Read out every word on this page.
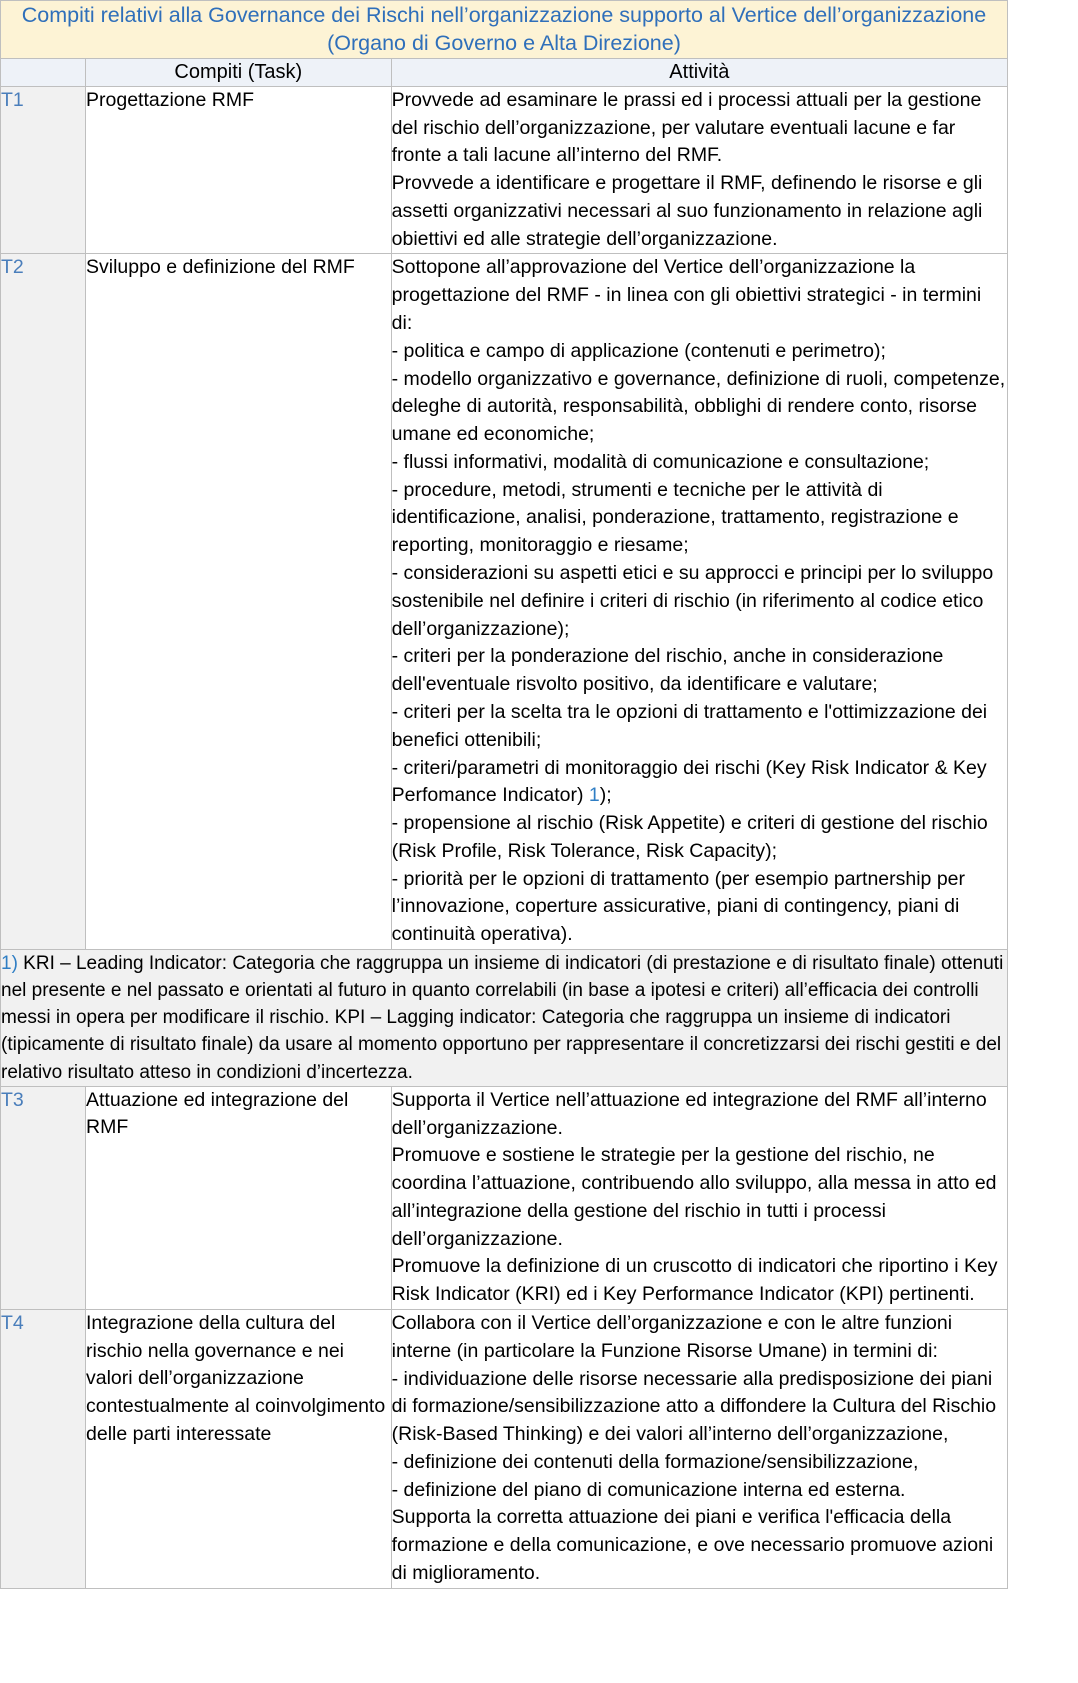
Compiti relativi alla Governance dei Rischi nell’organizzazione supporto al Vertice dell’organizzazione
(Organo di Governo e Alta Direzione)		

	Compiti (Task)	Attività
T1	Progettazione RMF	Provvede ad esaminare le prassi ed i processi attuali per la gestione del rischio dell’organizzazione, per valutare eventuali lacune e far fronte a tali lacune all’interno del RMF.

Provvede a identificare e progettare il RMF, definendo le risorse e gli assetti organizzativi necessari al suo funzionamento in relazione agli obiettivi ed alle strategie dell’organizzazione.

T2	Sviluppo e definizione del RMF	Sottopone all’approvazione del Vertice dell’organizzazione la progettazione del RMF - in linea con gli obiettivi strategici - in termini di:

- politica e campo di applicazione (contenuti e perimetro);

- modello organizzativo e governance, definizione di ruoli, competenze, deleghe di autorità, responsabilità, obblighi di rendere conto, risorse umane ed economiche;

- flussi informativi, modalità di comunicazione e consultazione;

- procedure, metodi, strumenti e tecniche per le attività di identificazione, analisi, ponderazione, trattamento, registrazione e reporting, monitoraggio e riesame;

- considerazioni su aspetti etici e su approcci e principi per lo sviluppo sostenibile nel definire i criteri di rischio (in riferimento al codice etico dell’organizzazione);

- criteri per la ponderazione del rischio, anche in considerazione dell'eventuale risvolto positivo, da identificare e valutare;

- criteri per la scelta tra le opzioni di trattamento e l'ottimizzazione dei benefici ottenibili;

- criteri/parametri di monitoraggio dei rischi (Key Risk Indicator & Key Perfomance Indicator) 1);

- propensione al rischio (Risk Appetite) e criteri di gestione del rischio (Risk Profile, Risk Tolerance, Risk Capacity);

- priorità per le opzioni di trattamento (per esempio partnership per l’innovazione, coperture assicurative, piani di contingency, piani di continuità operativa).

1) KRI – Leading Indicator: Categoria che raggruppa un insieme di indicatori (di prestazione e di risultato finale) ottenuti nel presente e nel passato e orientati al futuro in quanto correlabili (in base a ipotesi e criteri) all’efficacia dei controlli messi in opera per modificare il rischio. KPI – Lagging indicator: Categoria che raggruppa un insieme di indicatori (tipicamente di risultato finale) da usare al momento opportuno per rappresentare il concretizzarsi dei rischi gestiti e del relativo risultato atteso in condizioni d’incertezza.		

T3	Attuazione ed integrazione del RMF	Supporta il Vertice nell’attuazione ed integrazione del RMF all’interno dell’organizzazione.

Promuove e sostiene le strategie per la gestione del rischio, ne coordina l’attuazione, contribuendo allo sviluppo, alla messa in atto ed all’integrazione della gestione del rischio in tutti i processi dell’organizzazione.

Promuove la definizione di un cruscotto di indicatori che riportino i Key Risk Indicator (KRI) ed i Key Performance Indicator (KPI) pertinenti.

T4	Integrazione della cultura del rischio nella governance e nei valori dell’organizzazione contestualmente al coinvolgimento delle parti interessate	Collabora con il Vertice dell’organizzazione e con le altre funzioni interne (in particolare la Funzione Risorse Umane) in termini di:

- individuazione delle risorse necessarie alla predisposizione dei piani di formazione/sensibilizzazione atto a diffondere la Cultura del Rischio (Risk-Based Thinking) e dei valori all’interno dell’organizzazione,

- definizione dei contenuti della formazione/sensibilizzazione,

- definizione del piano di comunicazione interna ed esterna.

Supporta la corretta attuazione dei piani e verifica l'efficacia della formazione e della comunicazione, e ove necessario promuove azioni di miglioramento.
